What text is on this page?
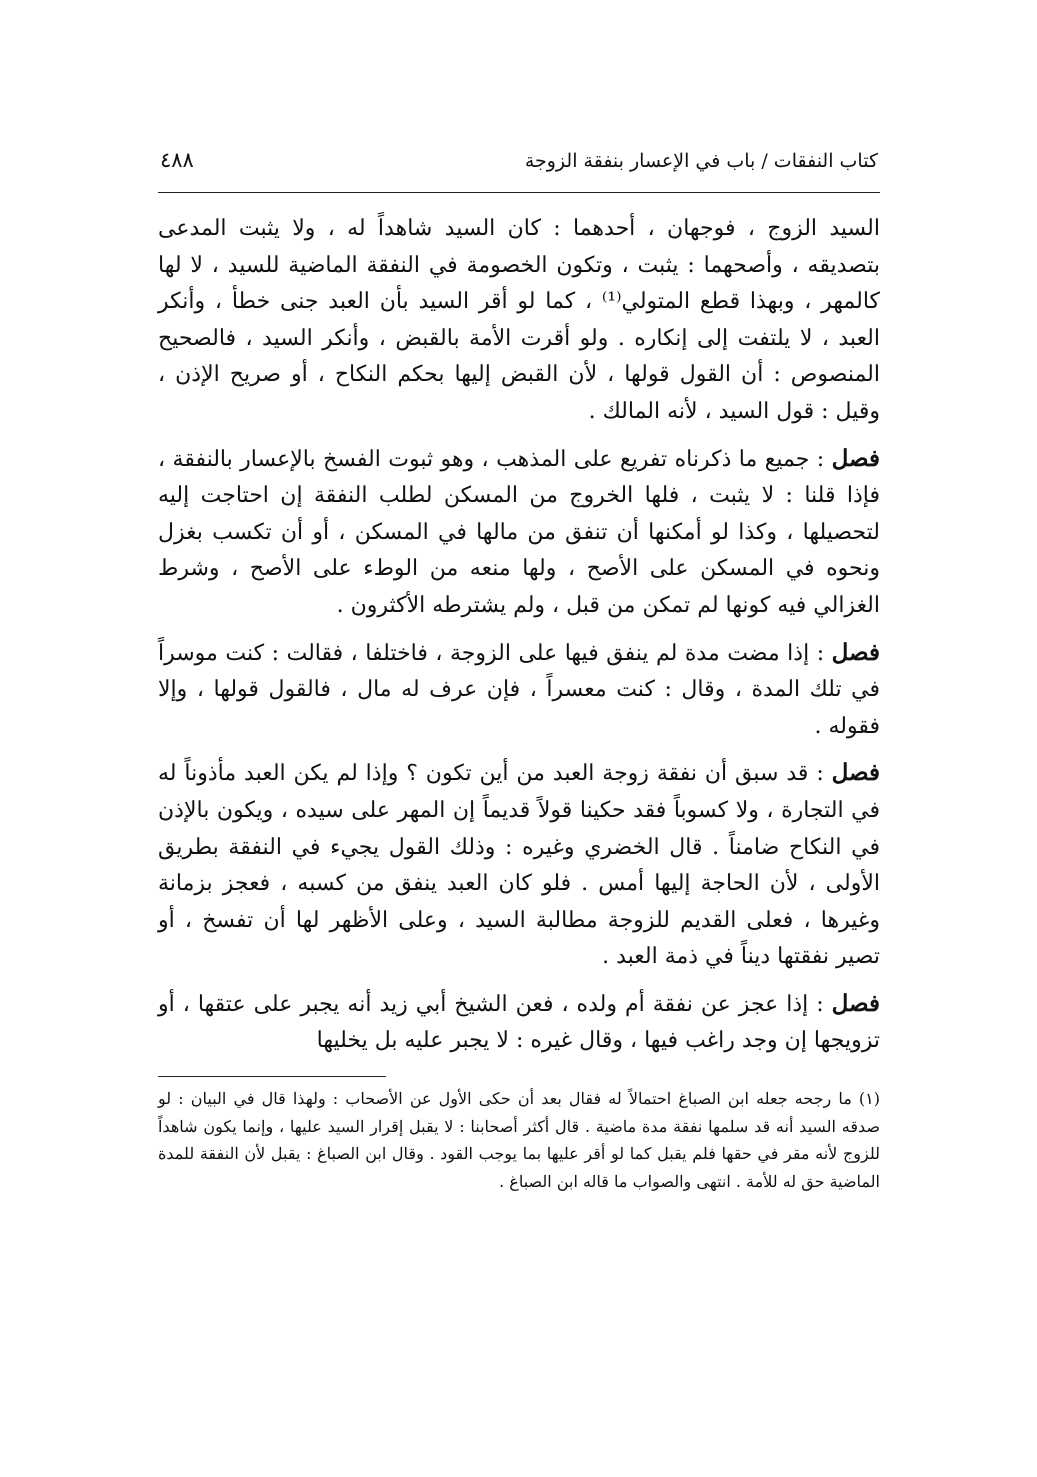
كتاب النفقات / باب في الإعسار بنفقة الزوجة
٤٨٨

السيد الزوج ، فوجهان ، أحدهما : كان السيد شاهداً له ، ولا يثبت المدعى بتصديقه ، وأصحهما : يثبت ، وتكون الخصومة في النفقة الماضية للسيد ، لا لها كالمهر ، وبهذا قطع المتولي⁽¹⁾ ، كما لو أقر السيد بأن العبد جنى خطأ ، وأنكر العبد ، لا يلتفت إلى إنكاره . ولو أقرت الأمة بالقبض ، وأنكر السيد ، فالصحيح المنصوص : أن القول قولها ، لأن القبض إليها بحكم النكاح ، أو صريح الإذن ، وقيل : قول السيد ، لأنه المالك .

فصل : جميع ما ذكرناه تفريع على المذهب ، وهو ثبوت الفسخ بالإعسار بالنفقة ، فإذا قلنا : لا يثبت ، فلها الخروج من المسكن لطلب النفقة إن احتاجت إليه لتحصيلها ، وكذا لو أمكنها أن تنفق من مالها في المسكن ، أو أن تكسب بغزل ونحوه في المسكن على الأصح ، ولها منعه من الوطء على الأصح ، وشرط الغزالي فيه كونها لم تمكن من قبل ، ولم يشترطه الأكثرون .

فصل : إذا مضت مدة لم ينفق فيها على الزوجة ، فاختلفا ، فقالت : كنت موسراً في تلك المدة ، وقال : كنت معسراً ، فإن عرف له مال ، فالقول قولها ، وإلا فقوله .

فصل : قد سبق أن نفقة زوجة العبد من أين تكون ؟ وإذا لم يكن العبد مأذوناً له في التجارة ، ولا كسوباً فقد حكينا قولاً قديماً إن المهر على سيده ، ويكون بالإذن في النكاح ضامناً . قال الخضري وغيره : وذلك القول يجيء في النفقة بطريق الأولى ، لأن الحاجة إليها أمس . فلو كان العبد ينفق من كسبه ، فعجز بزمانة وغيرها ، فعلى القديم للزوجة مطالبة السيد ، وعلى الأظهر لها أن تفسخ ، أو تصير نفقتها ديناً في ذمة العبد .

فصل : إذا عجز عن نفقة أم ولده ، فعن الشيخ أبي زيد أنه يجبر على عتقها ، أو تزويجها إن وجد راغب فيها ، وقال غيره : لا يجبر عليه بل يخليها

(١) ما رجحه جعله ابن الصباغ احتمالاً له فقال بعد أن حكى الأول عن الأصحاب : ولهذا قال في البيان : لو صدقه السيد أنه قد سلمها نفقة مدة ماضية . قال أكثر أصحابنا : لا يقبل إقرار السيد عليها ، وإنما يكون شاهداً للزوج لأنه مقر في حقها فلم يقبل كما لو أقر عليها بما يوجب القود . وقال ابن الصباغ : يقبل لأن النفقة للمدة الماضية حق له للأمة . انتهى والصواب ما قاله ابن الصباغ .
